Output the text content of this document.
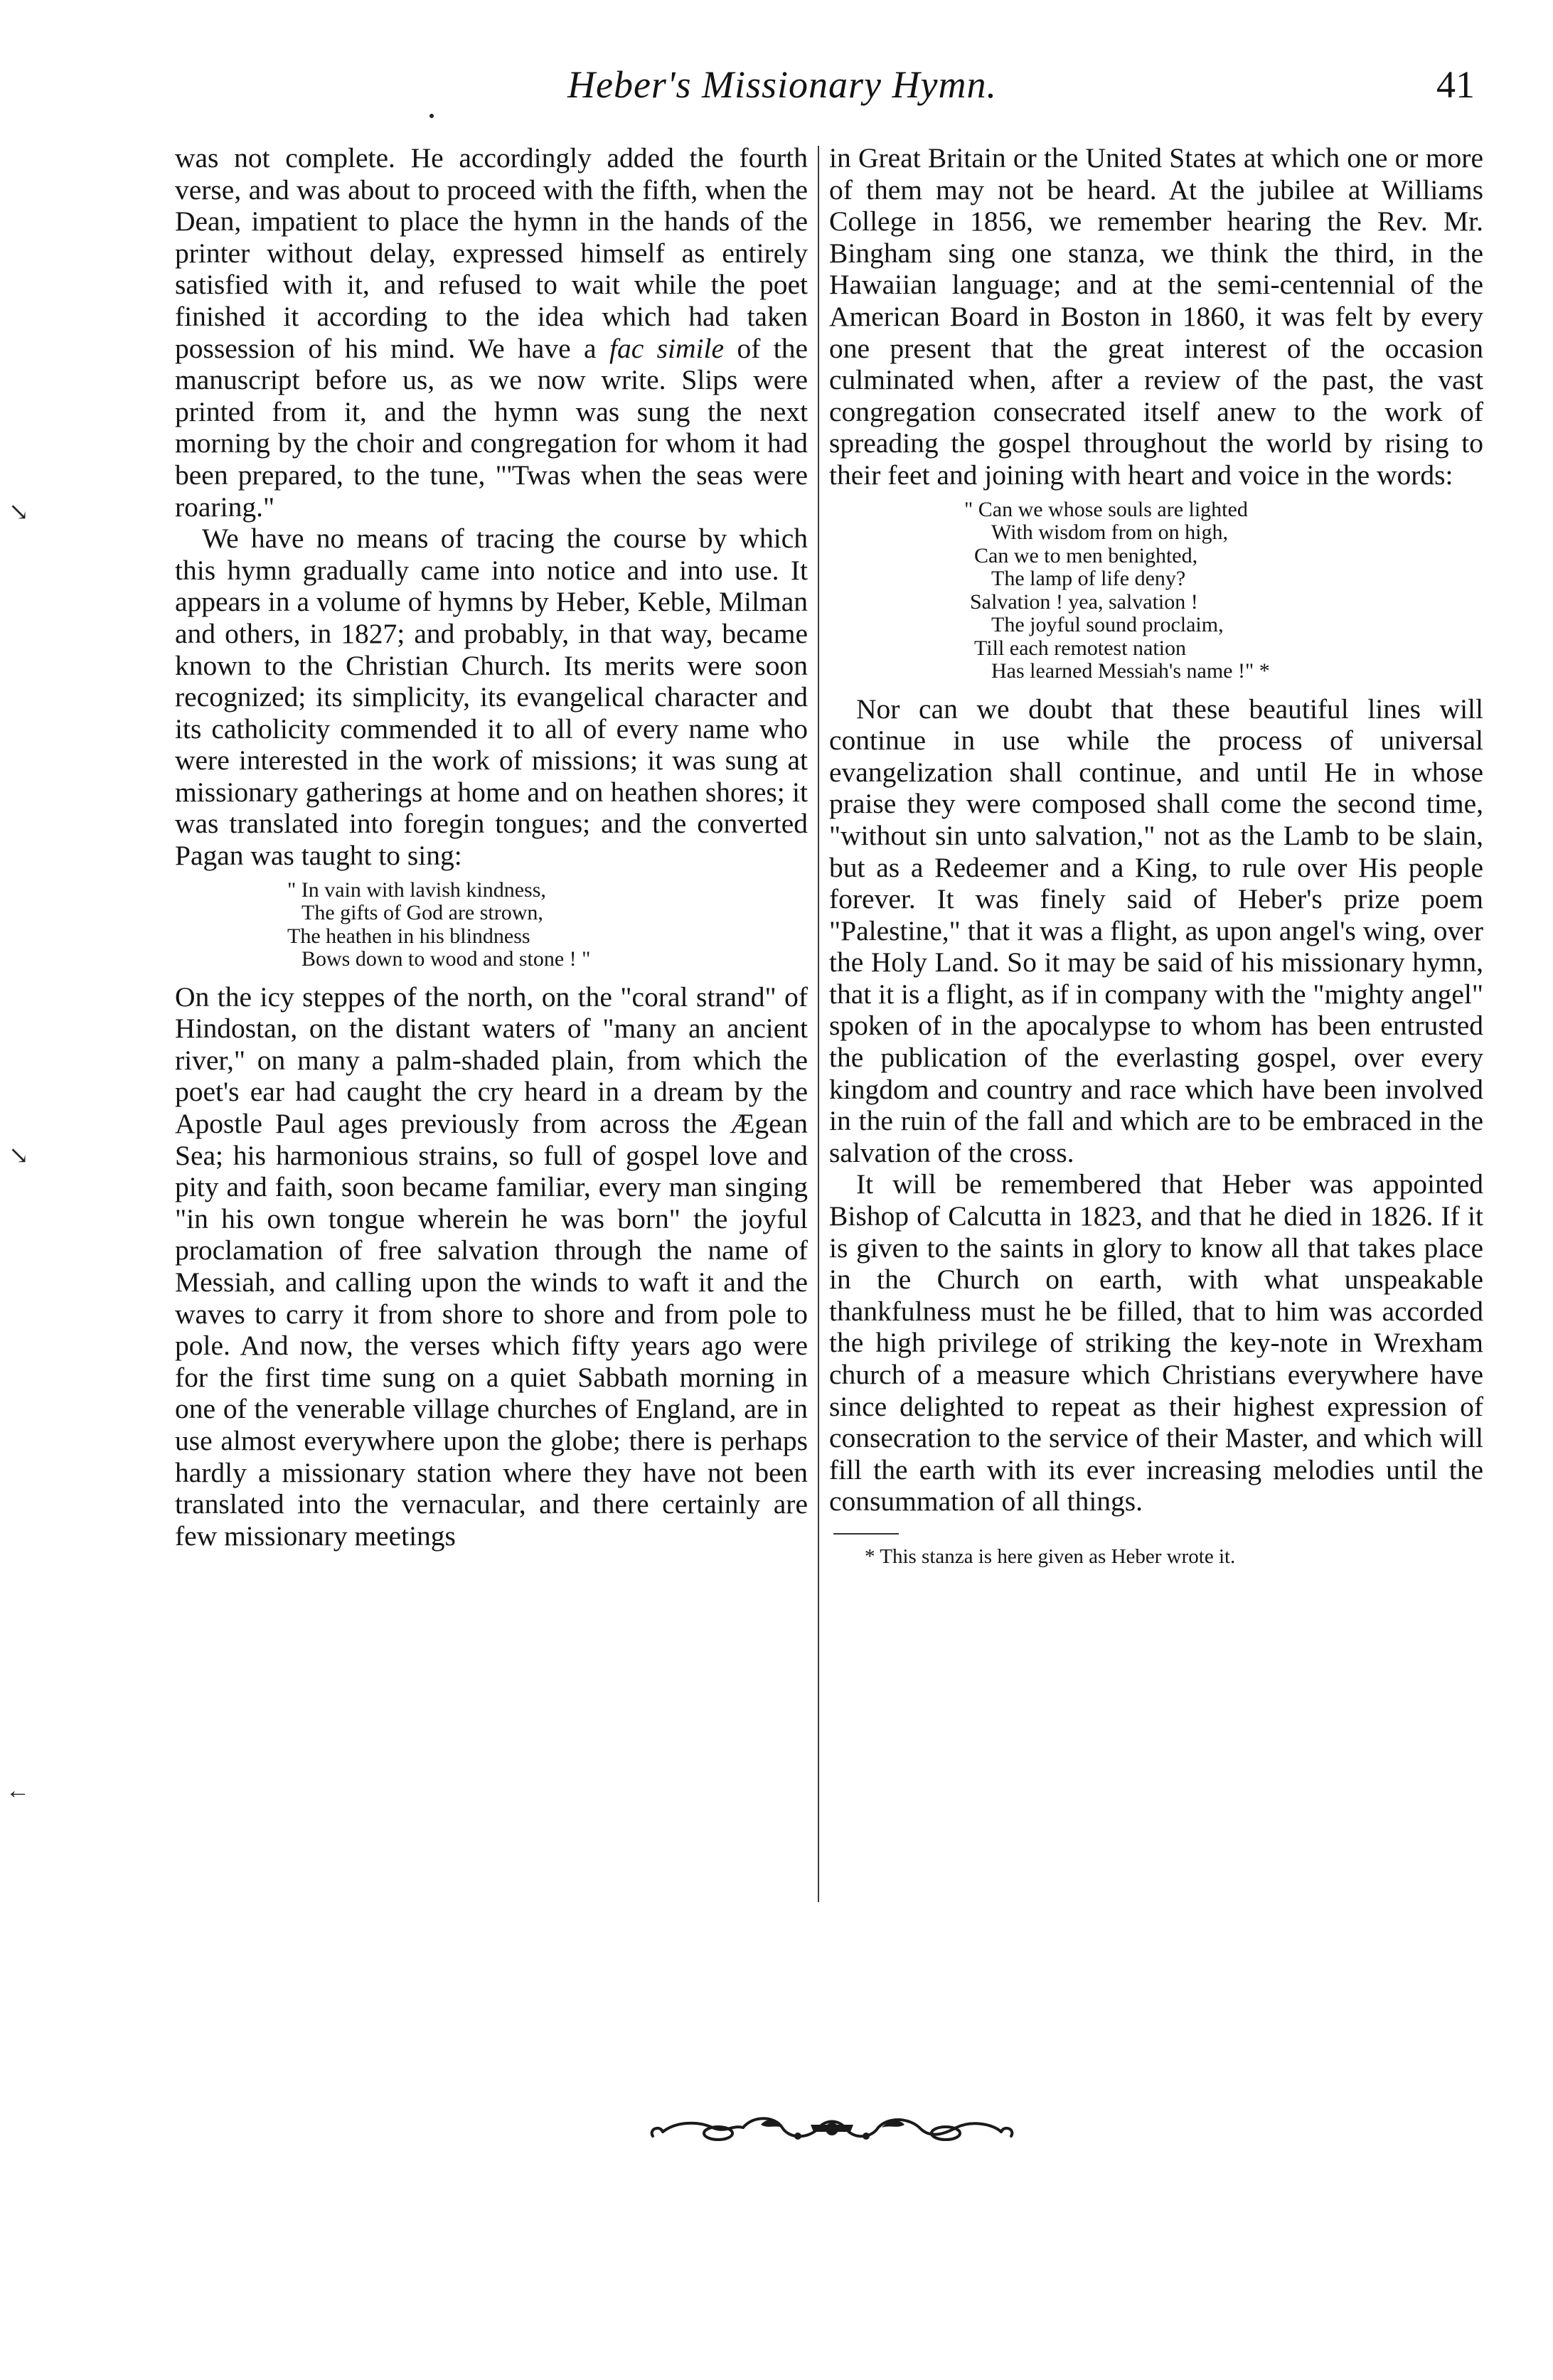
Heber's Missionary Hymn.	41
↘
↘
←

was not complete. He accordingly added the fourth verse, and was about to proceed with the fifth, when the Dean, impatient to place the hymn in the hands of the printer without delay, expressed himself as entirely satisfied with it, and refused to wait while the poet finished it according to the idea which had taken possession of his mind. We have a fac simile of the manuscript before us, as we now write. Slips were printed from it, and the hymn was sung the next morning by the choir and congregation for whom it had been prepared, to the tune, "'Twas when the seas were roaring."

We have no means of tracing the course by which this hymn gradually came into notice and into use. It appears in a volume of hymns by Heber, Keble, Milman and others, in 1827; and probably, in that way, became known to the Christian Church. Its merits were soon recognized; its simplicity, its evangelical character and its catholicity commended it to all of every name who were interested in the work of missions; it was sung at missionary gatherings at home and on heathen shores; it was translated into foregin tongues; and the converted Pagan was taught to sing:

" In vain with lavish kindness,
The gifts of God are strown,
The heathen in his blindness
Bows down to wood and stone ! "

On the icy steppes of the north, on the "coral strand" of Hindostan, on the distant waters of "many an ancient river," on many a palm-shaded plain, from which the poet's ear had caught the cry heard in a dream by the Apostle Paul ages previously from across the Ægean Sea; his harmonious strains, so full of gospel love and pity and faith, soon became familiar, every man singing "in his own tongue wherein he was born" the joyful proclamation of free salvation through the name of Messiah, and calling upon the winds to waft it and the waves to carry it from shore to shore and from pole to pole. And now, the verses which fifty years ago were for the first time sung on a quiet Sabbath morning in one of the venerable village churches of England, are in use almost everywhere upon the globe; there is perhaps hardly a missionary station where they have not been translated into the vernacular, and there certainly are few missionary meetings

in Great Britain or the United States at which one or more of them may not be heard. At the jubilee at Williams College in 1856, we remember hearing the Rev. Mr. Bingham sing one stanza, we think the third, in the Hawaiian language; and at the semi-centennial of the American Board in Boston in 1860, it was felt by every one present that the great interest of the occasion culminated when, after a review of the past, the vast congregation consecrated itself anew to the work of spreading the gospel throughout the world by rising to their feet and joining with heart and voice in the words:

" Can we whose souls are lighted
With wisdom from on high,
Can we to men benighted,
The lamp of life deny?
Salvation ! yea, salvation !
The joyful sound proclaim,
Till each remotest nation
Has learned Messiah's name !" *

Nor can we doubt that these beautiful lines will continue in use while the process of universal evangelization shall continue, and until He in whose praise they were composed shall come the second time, "without sin unto salvation," not as the Lamb to be slain, but as a Redeemer and a King, to rule over His people forever. It was finely said of Heber's prize poem "Palestine," that it was a flight, as upon angel's wing, over the Holy Land. So it may be said of his missionary hymn, that it is a flight, as if in company with the "mighty angel" spoken of in the apocalypse to whom has been entrusted the publication of the everlasting gospel, over every kingdom and country and race which have been involved in the ruin of the fall and which are to be embraced in the salvation of the cross.

It will be remembered that Heber was appointed Bishop of Calcutta in 1823, and that he died in 1826. If it is given to the saints in glory to know all that takes place in the Church on earth, with what unspeakable thankfulness must he be filled, that to him was accorded the high privilege of striking the key-note in Wrexham church of a measure which Christians everywhere have since delighted to repeat as their highest expression of consecration to the service of their Master, and which will fill the earth with its ever increasing melodies until the consummation of all things.

* This stanza is here given as Heber wrote it.
